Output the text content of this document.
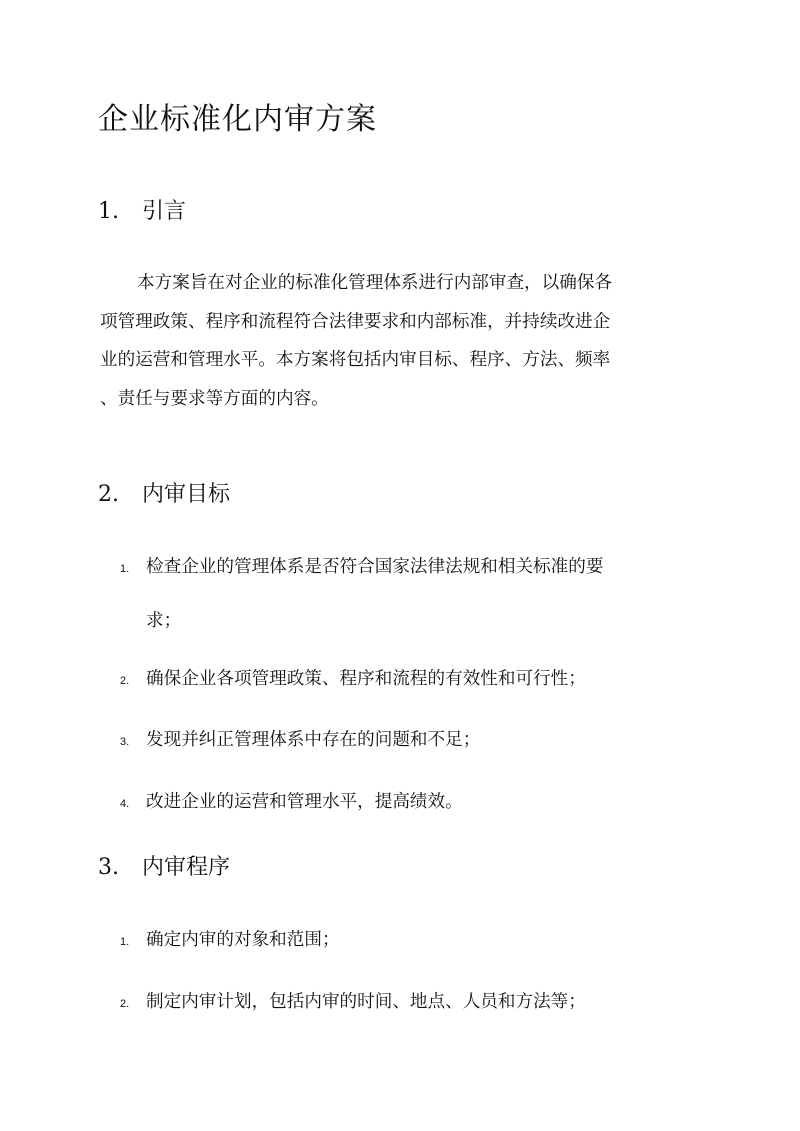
企业标准化内审方案
1. 引言
本方案旨在对企业的标准化管理体系进行内部审查，以确保各
项管理政策、程序和流程符合法律要求和内部标准，并持续改进企
业的运营和管理水平。本方案将包括内审目标、程序、方法、频率
、责任与要求等方面的内容。
2. 内审目标
1. 检查企业的管理体系是否符合国家法律法规和相关标准的要
求；
2. 确保企业各项管理政策、程序和流程的有效性和可行性；
3. 发现并纠正管理体系中存在的问题和不足；
4. 改进企业的运营和管理水平，提高绩效。
3. 内审程序
1. 确定内审的对象和范围；
2. 制定内审计划，包括内审的时间、地点、人员和方法等；
